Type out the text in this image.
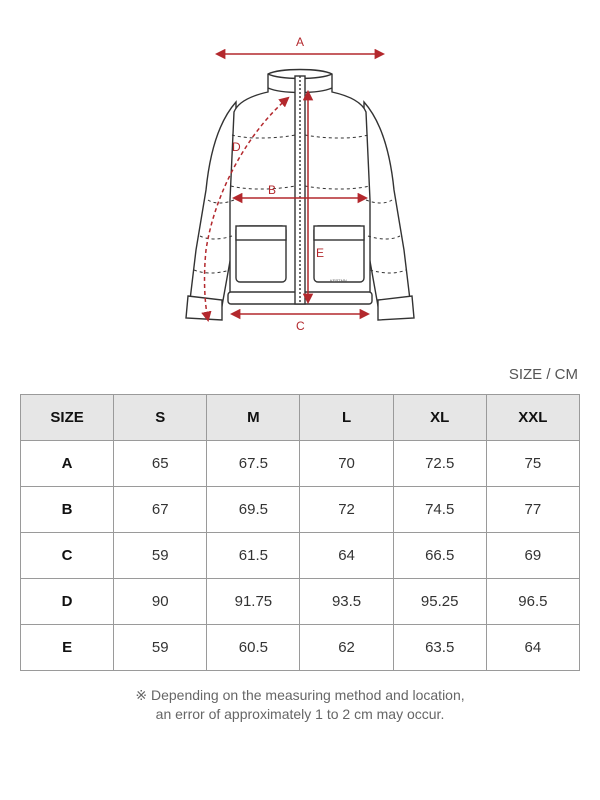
KERTMN
A
B
C
D
E
SIZE / CM
SIZE	S	M	L	XL	XXL
A	65	67.5	70	72.5	75
B	67	69.5	72	74.5	77
C	59	61.5	64	66.5	69
D	90	91.75	93.5	95.25	96.5
E	59	60.5	62	63.5	64
※ Depending on the measuring method and location,
an error of approximately 1 to 2 cm may occur.
